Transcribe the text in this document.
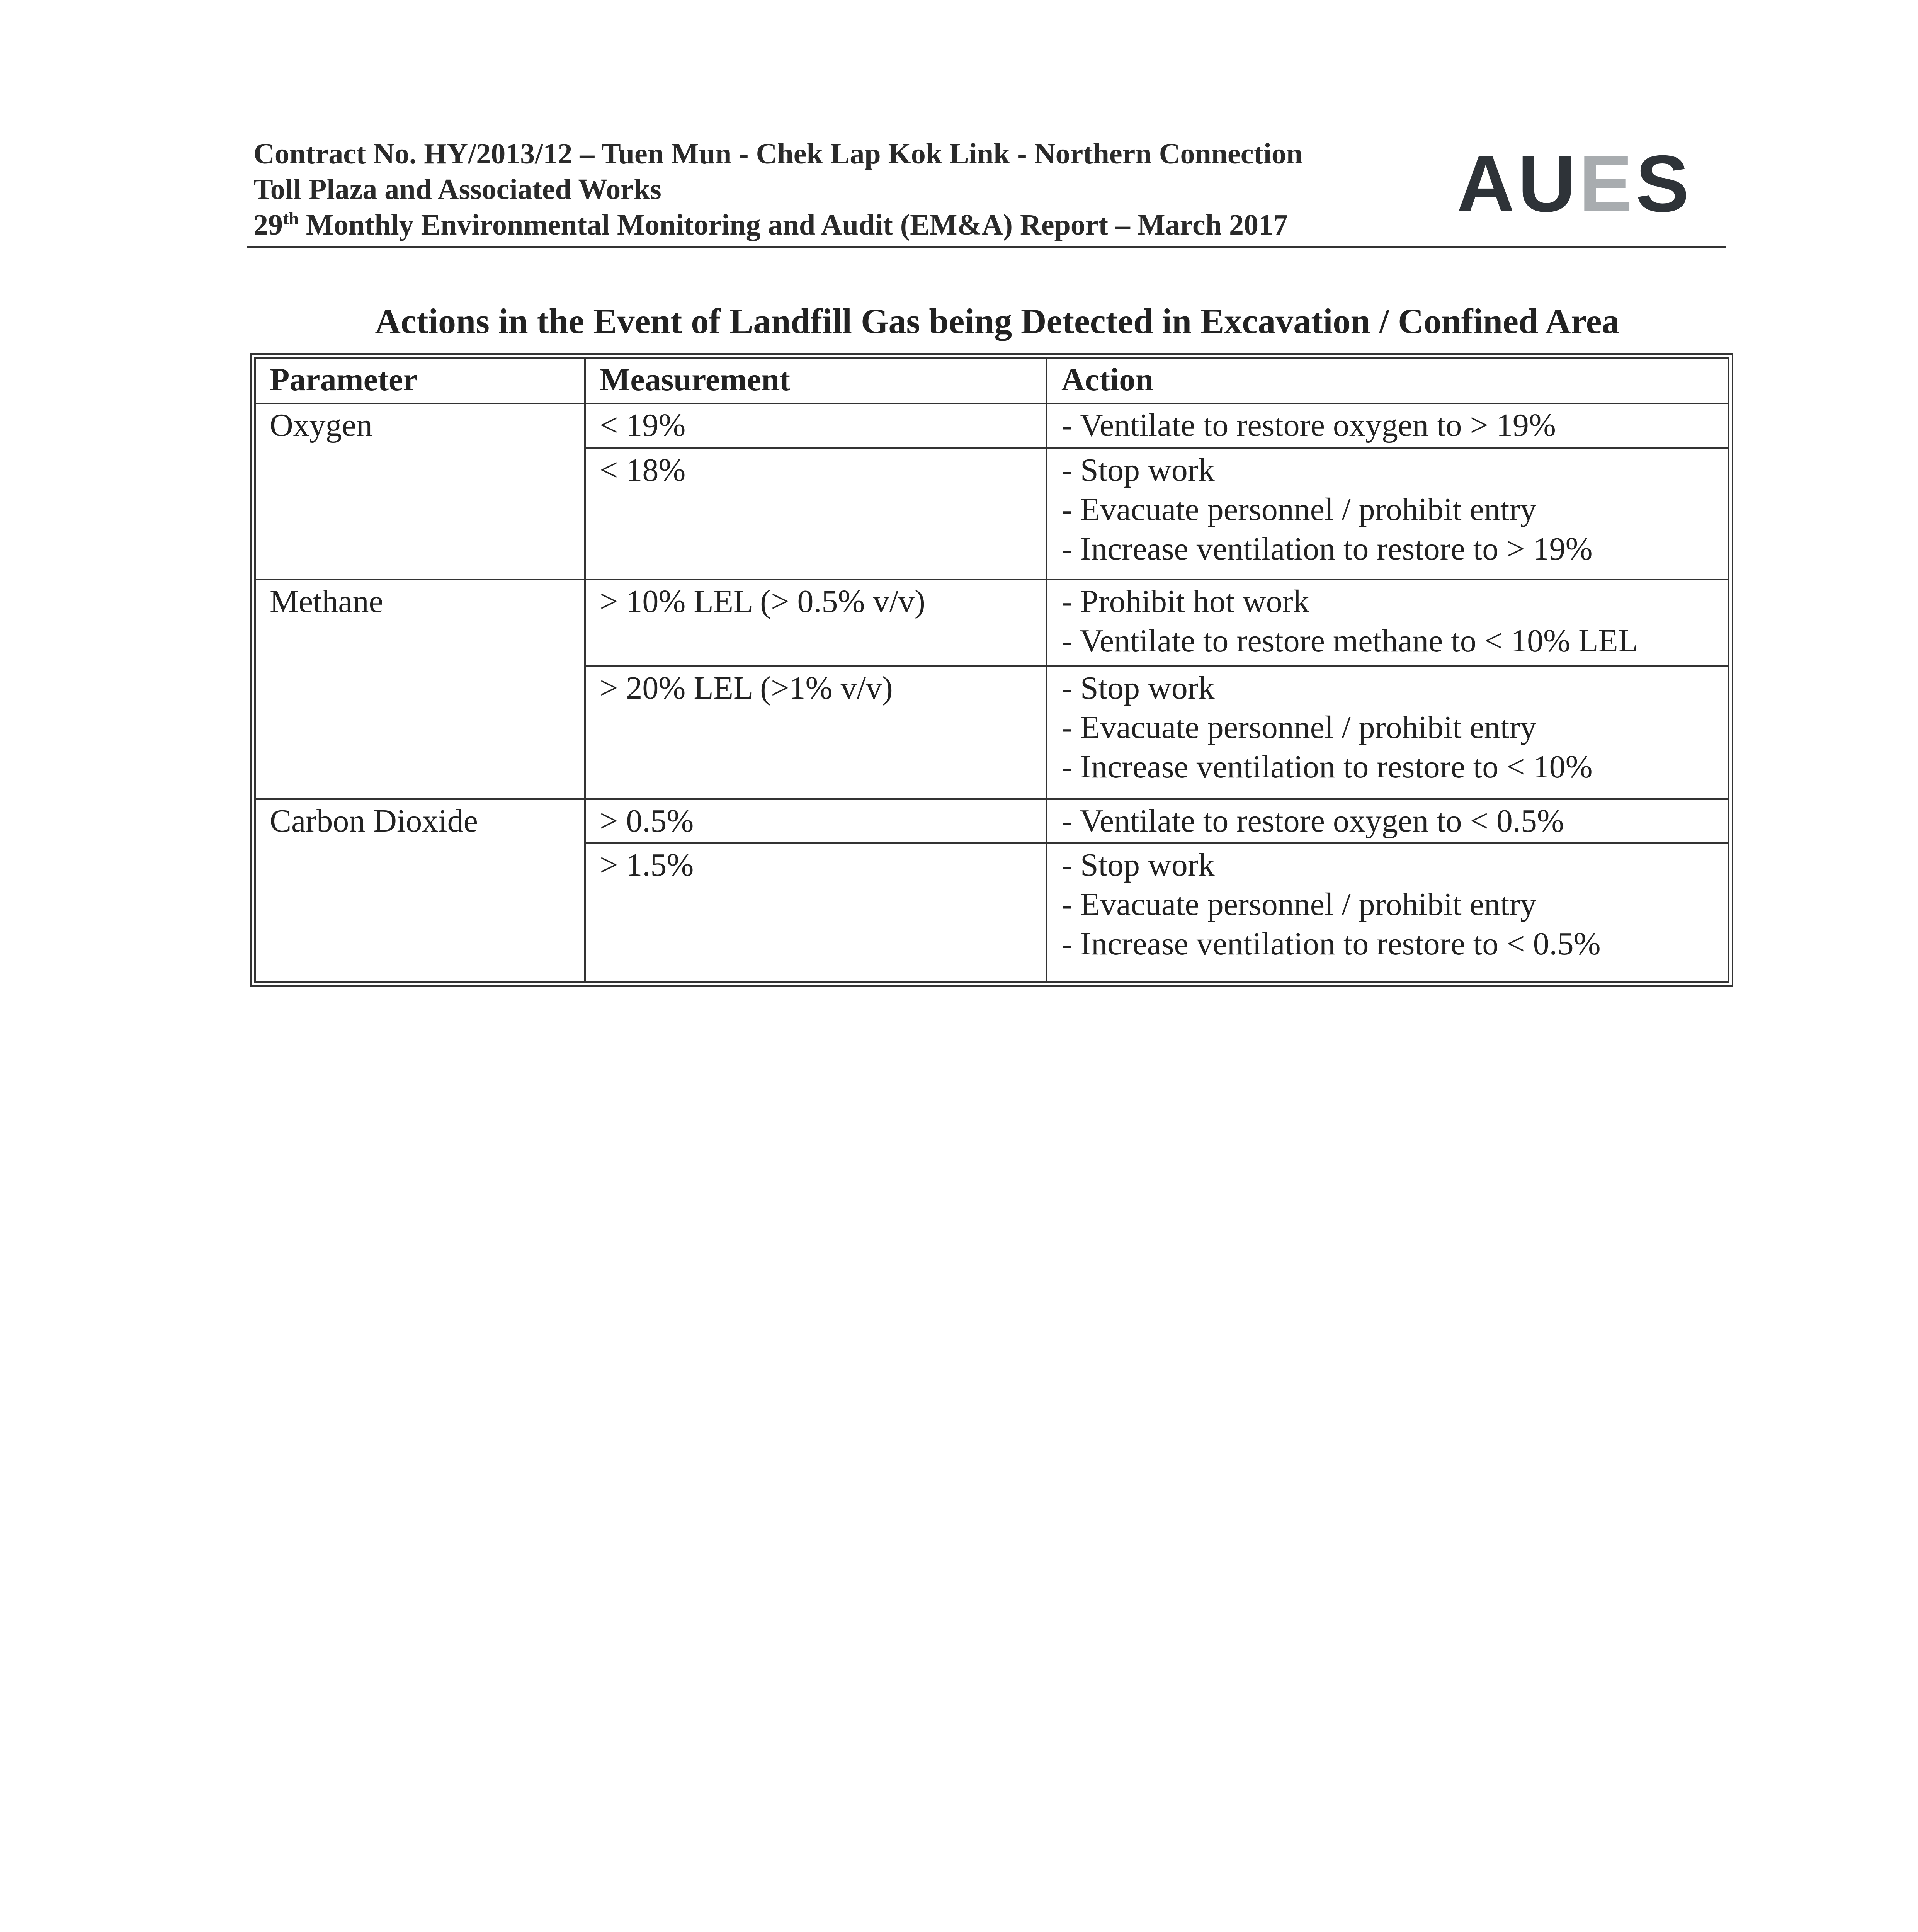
Contract No. HY/2013/12 – Tuen Mun - Chek Lap Kok Link - Northern Connection
Toll Plaza and Associated Works
29th Monthly Environmental Monitoring and Audit (EM&A) Report – March 2017	AUES
Actions in the Event of Landfill Gas being Detected in Excavation / Confined Area
Parameter	Measurement	Action
Oxygen	< 19%	- Ventilate to restore oxygen to > 19%

	< 18%	- Stop work
- Evacuate personnel / prohibit entry
- Increase ventilation to restore to > 19%

Methane	> 10% LEL (> 0.5% v/v)	- Prohibit hot work
- Ventilate to restore methane to < 10% LEL

	> 20% LEL (>1% v/v)	- Stop work
- Evacuate personnel / prohibit entry
- Increase ventilation to restore to < 10%

Carbon Dioxide	> 0.5%	- Ventilate to restore oxygen to < 0.5%

	> 1.5%	- Stop work
- Evacuate personnel / prohibit entry
- Increase ventilation to restore to < 0.5%
